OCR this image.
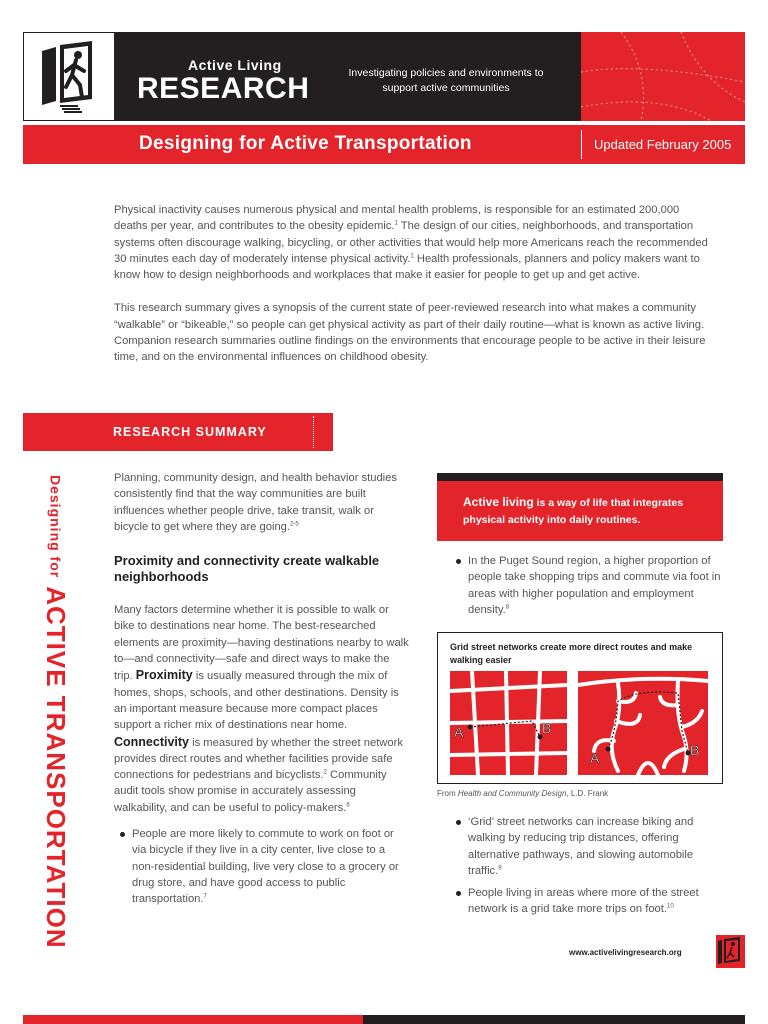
Active Living
RESEARCH	Investigating policies and environments to support active communities
Designing for Active Transportation	Updated February 2005

Physical inactivity causes numerous physical and mental health problems, is responsible for an estimated 200,000 deaths per year, and contributes to the obesity epidemic.$^1$ The design of our cities, neighborhoods, and transportation systems often discourage walking, bicycling, or other activities that would help more Americans reach the recommended 30 minutes each day of moderately intense physical activity.$^1$ Health professionals, planners and policy makers want to know how to design neighborhoods and workplaces that make it easier for people to get up and get active.

This research summary gives a synopsis of the current state of peer-reviewed research into what makes a community “walkable” or “bikeable,” so people can get physical activity as part of their daily routine—what is known as active living. Companion research summaries outline findings on the environments that encourage people to be active in their leisure time, and on the environmental influences on childhood obesity.

RESEARCH SUMMARY
Designing forACTIVE TRANSPORTATION

Planning, community design, and health behavior studies consistently find that the way communities are built influences whether people drive, take transit, walk or bicycle to get where they are going.$^{2-5}$

Proximity and connectivity create walkable neighborhoods

Many factors determine whether it is possible to walk or bike to destinations near home. The best-researched elements are proximity—having destinations nearby to walk to—and connectivity—safe and direct ways to make the trip. Proximity is usually measured through the mix of homes, shops, schools, and other destinations. Density is an important measure because more compact places support a richer mix of destinations near home. Connectivity is measured by whether the street network provides direct routes and whether facilities provide safe connections for pedestrians and bicyclists.$^2$ Community audit tools show promise in accurately assessing walkability, and can be useful to policy-makers.$^6$

People are more likely to commute to work on foot or via bicycle if they live in a city center, live close to a non-residential building, live very close to a grocery or drug store, and have good access to public transportation.$^7$
Active living is a way of life that integrates physical activity into daily routines.
In the Puget Sound region, a higher proportion of people take shopping trips and commute via foot in areas with higher population and employment density.$^8$
Grid street networks create more direct routes and make walking easier
A	B
A	B
From Health and Community Design, L.D. Frank
‘Grid’ street networks can increase biking and walking by reducing trip distances, offering alternative pathways, and slowing automobile traffic.$^9$
People living in areas where more of the street network is a grid take more trips on foot.$^{10}$
www.activelivingresearch.org
